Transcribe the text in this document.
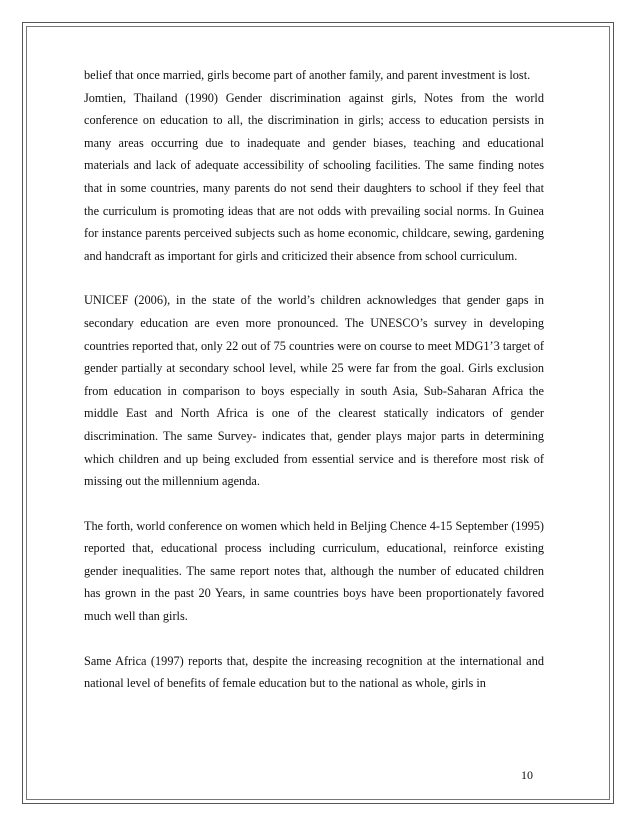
belief that once married, girls become part of another family, and parent investment is lost.

Jomtien, Thailand (1990) Gender discrimination against girls, Notes from the world conference on education to all, the discrimination in girls; access to education persists in many areas occurring due to inadequate and gender biases, teaching and educational materials and lack of adequate accessibility of schooling facilities. The same finding notes that in some countries, many parents do not send their daughters to school if they feel that the curriculum is promoting ideas that are not odds with prevailing social norms. In Guinea for instance parents perceived subjects such as home economic, childcare, sewing, gardening and handcraft as important for girls and criticized their absence from school curriculum.

UNICEF (2006), in the state of the world’s children acknowledges that gender gaps in secondary education are even more pronounced. The UNESCO’s survey in developing countries reported that, only 22 out of 75 countries were on course to meet MDG1’3 target of gender partially at secondary school level, while 25 were far from the goal. Girls exclusion from education in comparison to boys especially in south Asia, Sub-Saharan Africa the middle East and North Africa is one of the clearest statically indicators of gender discrimination. The same Survey- indicates that, gender plays major parts in determining which children and up being excluded from essential service and is therefore most risk of missing out the millennium agenda.

The forth, world conference on women which held in Beljing Chence 4-15 September (1995) reported that, educational process including curriculum, educational, reinforce existing gender inequalities. The same report notes that, although the number of educated children has grown in the past 20 Years, in same countries boys have been proportionately favored much well than girls.

Same Africa (1997) reports that, despite the increasing recognition at the international and national level of benefits of female education but to the national as whole, girls in

10
